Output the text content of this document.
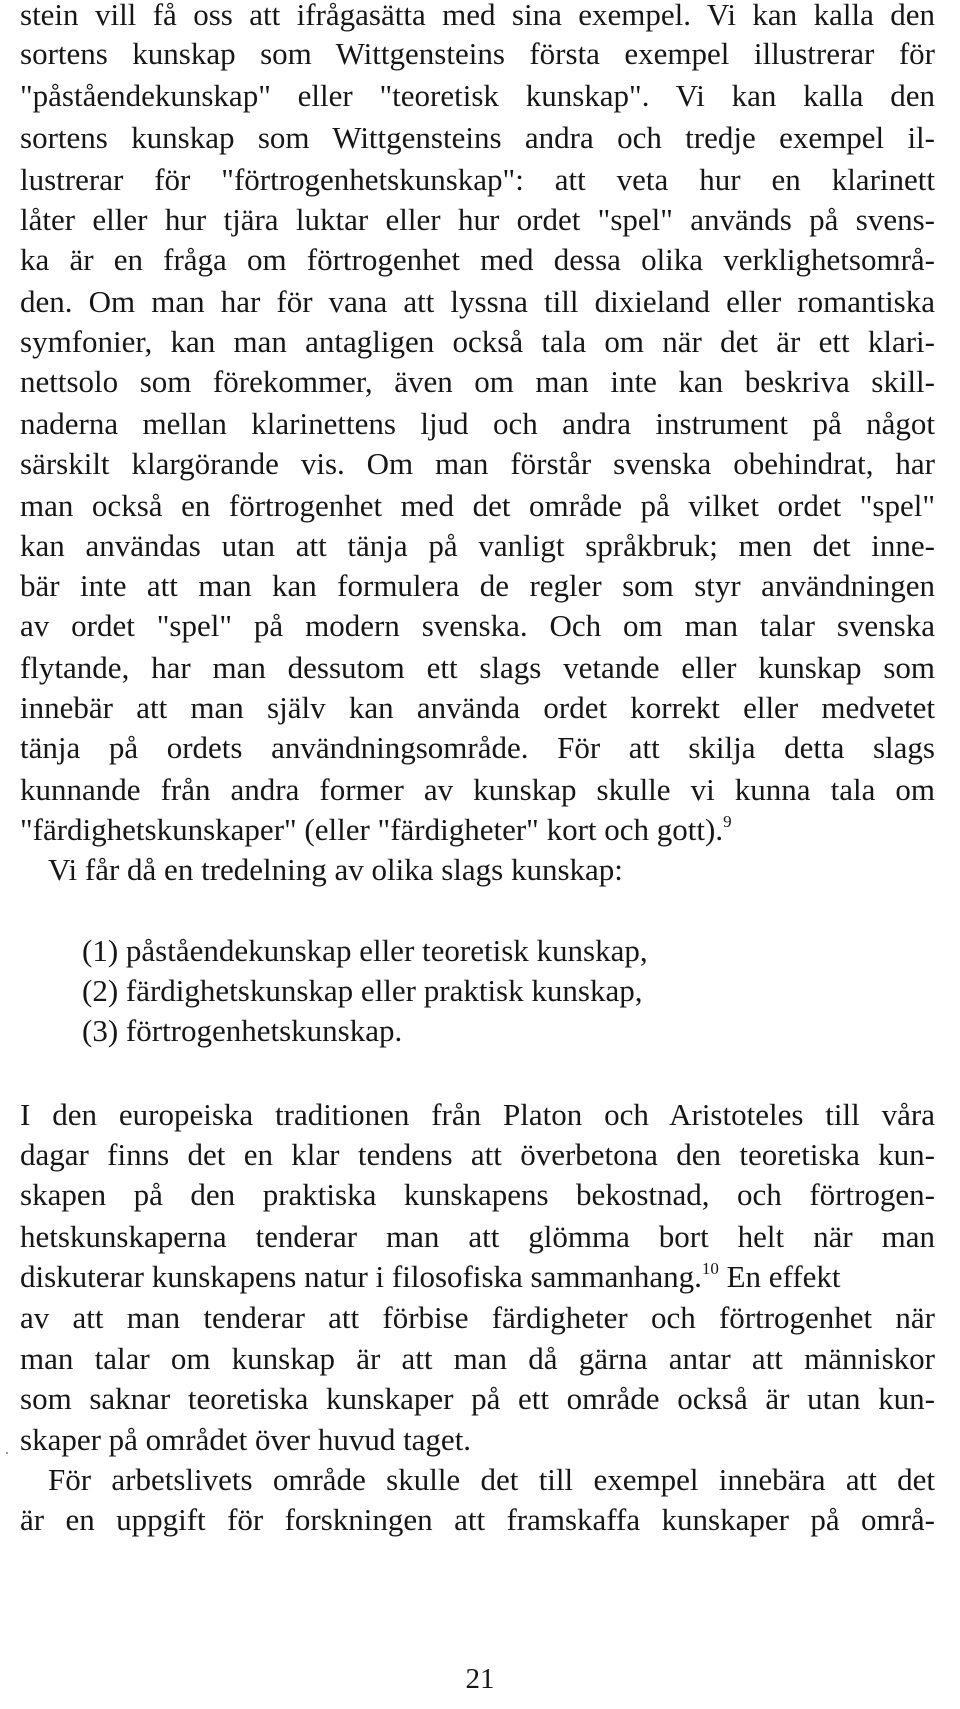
stein vill få oss att ifrågasätta med sina exempel. Vi kan kalla den
sortens kunskap som Wittgensteins första exempel illustrerar för
"påståendekunskap" eller "teoretisk kunskap". Vi kan kalla den
sortens kunskap som Wittgensteins andra och tredje exempel il-
lustrerar för "förtrogenhetskunskap": att veta hur en klarinett
låter eller hur tjära luktar eller hur ordet "spel" används på svens-
ka är en fråga om förtrogenhet med dessa olika verklighetsområ-
den. Om man har för vana att lyssna till dixieland eller romantiska
symfonier, kan man antagligen också tala om när det är ett klari-
nettsolo som förekommer, även om man inte kan beskriva skill-
naderna mellan klarinettens ljud och andra instrument på något
särskilt klargörande vis. Om man förstår svenska obehindrat, har
man också en förtrogenhet med det område på vilket ordet "spel"
kan användas utan att tänja på vanligt språkbruk; men det inne-
bär inte att man kan formulera de regler som styr användningen
av ordet "spel" på modern svenska. Och om man talar svenska
flytande, har man dessutom ett slags vetande eller kunskap som
innebär att man själv kan använda ordet korrekt eller medvetet
tänja på ordets användningsområde. För att skilja detta slags
kunnande från andra former av kunskap skulle vi kunna tala om
"färdighetskunskaper" (eller "färdigheter" kort och gott).$^9$
Vi får då en tredelning av olika slags kunskap:
(1) påståendekunskap eller teoretisk kunskap,
(2) färdighetskunskap eller praktisk kunskap,
(3) förtrogenhetskunskap.
I den europeiska traditionen från Platon och Aristoteles till våra
dagar finns det en klar tendens att överbetona den teoretiska kun-
skapen på den praktiska kunskapens bekostnad, och förtrogen-
hetskunskaperna tenderar man att glömma bort helt när man
diskuterar kunskapens natur i filosofiska sammanhang.$^{10}$ En effekt
av att man tenderar att förbise färdigheter och förtrogenhet när
man talar om kunskap är att man då gärna antar att människor
som saknar teoretiska kunskaper på ett område också är utan kun-
skaper på området över huvud taget.
För arbetslivets område skulle det till exempel innebära att det
är en uppgift för forskningen att framskaffa kunskaper på områ-
21
